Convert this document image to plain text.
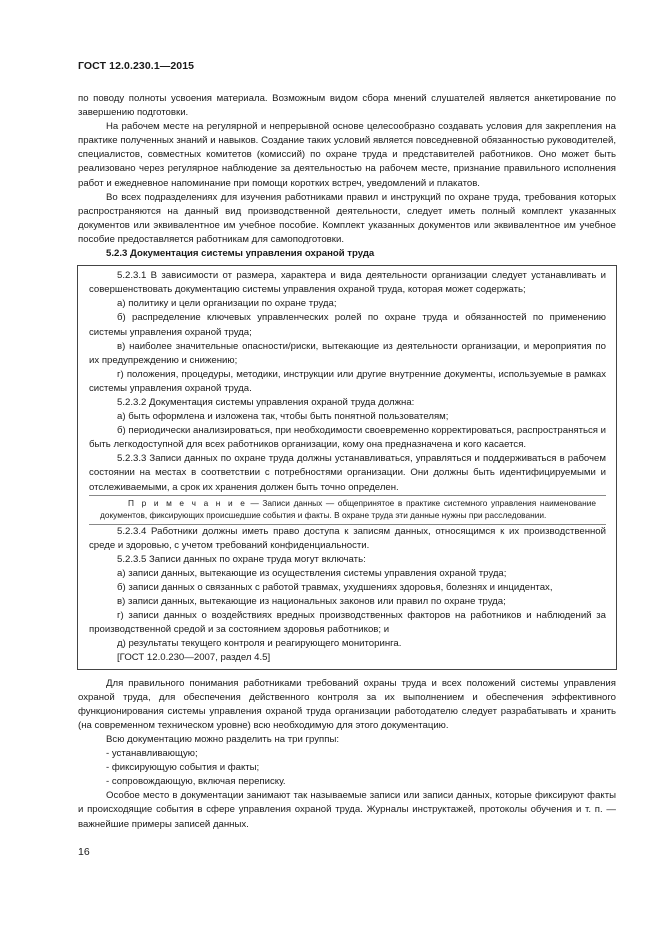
ГОСТ 12.0.230.1—2015

по поводу полноты усвоения материала. Возможным видом сбора мнений слушателей является анкетирование по завершению подготовки.

На рабочем месте на регулярной и непрерывной основе целесообразно создавать условия для закрепления на практике полученных знаний и навыков. Создание таких условий является повседневной обязанностью руководителей, специалистов, совместных комитетов (комиссий) по охране труда и представителей работников. Оно может быть реализовано через регулярное наблюдение за деятельностью на рабочем месте, признание правильного исполнения работ и ежедневное напоминание при помощи коротких встреч, уведомлений и плакатов.

Во всех подразделениях для изучения работниками правил и инструкций по охране труда, требования которых распространяются на данный вид производственной деятельности, следует иметь полный комплект указанных документов или эквивалентное им учебное пособие. Комплект указанных документов или эквивалентное им учебное пособие предоставляется работникам для самоподготовки.

5.2.3 Документация системы управления охраной труда

5.2.3.1 В зависимости от размера, характера и вида деятельности организации следует устанавливать и совершенствовать документацию системы управления охраной труда, которая может содержать;

а) политику и цели организации по охране труда;

б) распределение ключевых управленческих ролей по охране труда и обязанностей по применению системы управления охраной труда;

в) наиболее значительные опасности/риски, вытекающие из деятельности организации, и мероприятия по их предупреждению и снижению;

г) положения, процедуры, методики, инструкции или другие внутренние документы, используемые в рамках системы управления охраной труда.

5.2.3.2 Документация системы управления охраной труда должна:

а) быть оформлена и изложена так, чтобы быть понятной пользователям;

б) периодически анализироваться, при необходимости своевременно корректироваться, распространяться и быть легкодоступной для всех работников организации, кому она предназначена и кого касается.

5.2.3.3 Записи данных по охране труда должны устанавливаться, управляться и поддерживаться в рабочем состоянии на местах в соответствии с потребностями организации. Они должны быть идентифицируемыми и отслеживаемыми, а срок их хранения должен быть точно определен.

П р и м е ч а н и е — Записи данных — общепринятое в практике системного управления наименование документов, фиксирующих происшедшие события и факты. В охране труда эти данные нужны при расследовании.

5.2.3.4 Работники должны иметь право доступа к записям данных, относящимся к их производственной среде и здоровью, с учетом требований конфиденциальности.

5.2.3.5 Записи данных по охране труда могут включать:

а) записи данных, вытекающие из осуществления системы управления охраной труда;

б) записи данных о связанных с работой травмах, ухудшениях здоровья, болезнях и инцидентах,

в) записи данных, вытекающие из национальных законов или правил по охране труда;

г) записи данных о воздействиях вредных производственных факторов на работников и наблюдений за производственной средой и за состоянием здоровья работников; и

д) результаты текущего контроля и реагирующего мониторинга.

[ГОСТ 12.0.230—2007, раздел 4.5]

Для правильного понимания работниками требований охраны труда и всех положений системы управления охраной труда, для обеспечения действенного контроля за их выполнением и обеспечения эффективного функционирования системы управления охраной труда организации работодателю следует разрабатывать и хранить (на современном техническом уровне) всю необходимую для этого документацию.

Всю документацию можно разделить на три группы:

- устанавливающую;

- фиксирующую события и факты;

- сопровождающую, включая переписку.

Особое место в документации занимают так называемые записи или записи данных, которые фиксируют факты и происходящие события в сфере управления охраной труда. Журналы инструктажей, протоколы обучения и т. п. — важнейшие примеры записей данных.

16
